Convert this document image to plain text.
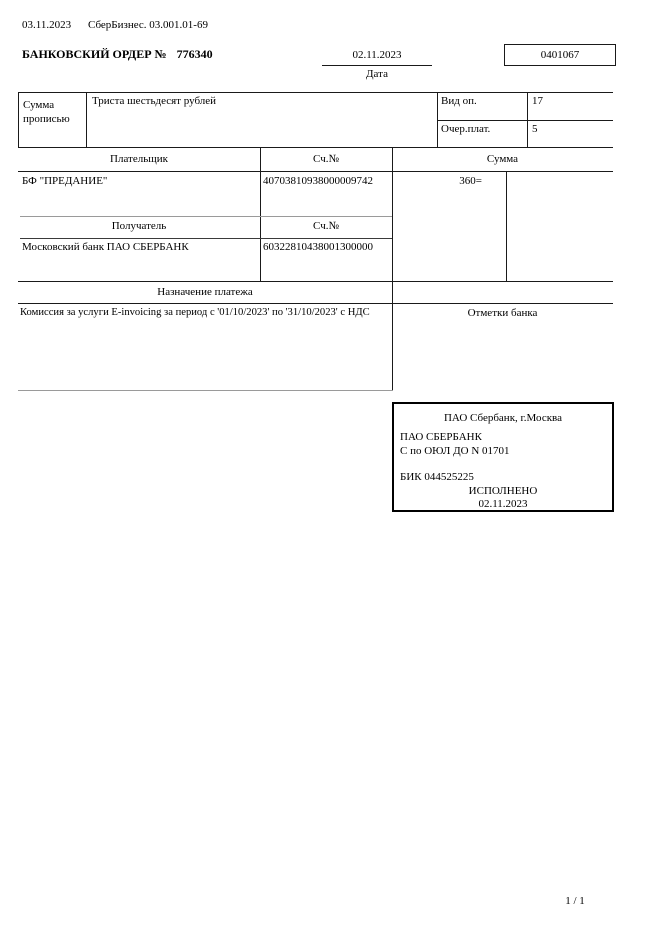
03.11.2023 СберБизнес. 03.001.01-69
БАНКОВСКИЙ ОРДЕР № 776340	02.11.2023
Дата
0401067
Сумма прописью
Триста шестьдесят рублей	Вид оп.	17
Очер.плат.	5
Плательщик	Сч.№	Сумма
БФ "ПРЕДАНИЕ"	40703810938000009742	360=
Получатель	Сч.№
Московский банк ПАО СБЕРБАНК	60322810438001300000
Назначение платежа
Комиссия за услуги E-invoicing за период с '01/10/2023' по '31/10/2023' с НДС	Отметки банка
ПАО Сбербанк, г.Москва
ПАО СБЕРБАНК
С по ОЮЛ ДО N 01701
БИК 044525225
ИСПОЛНЕНО
02.11.2023
1 / 1
